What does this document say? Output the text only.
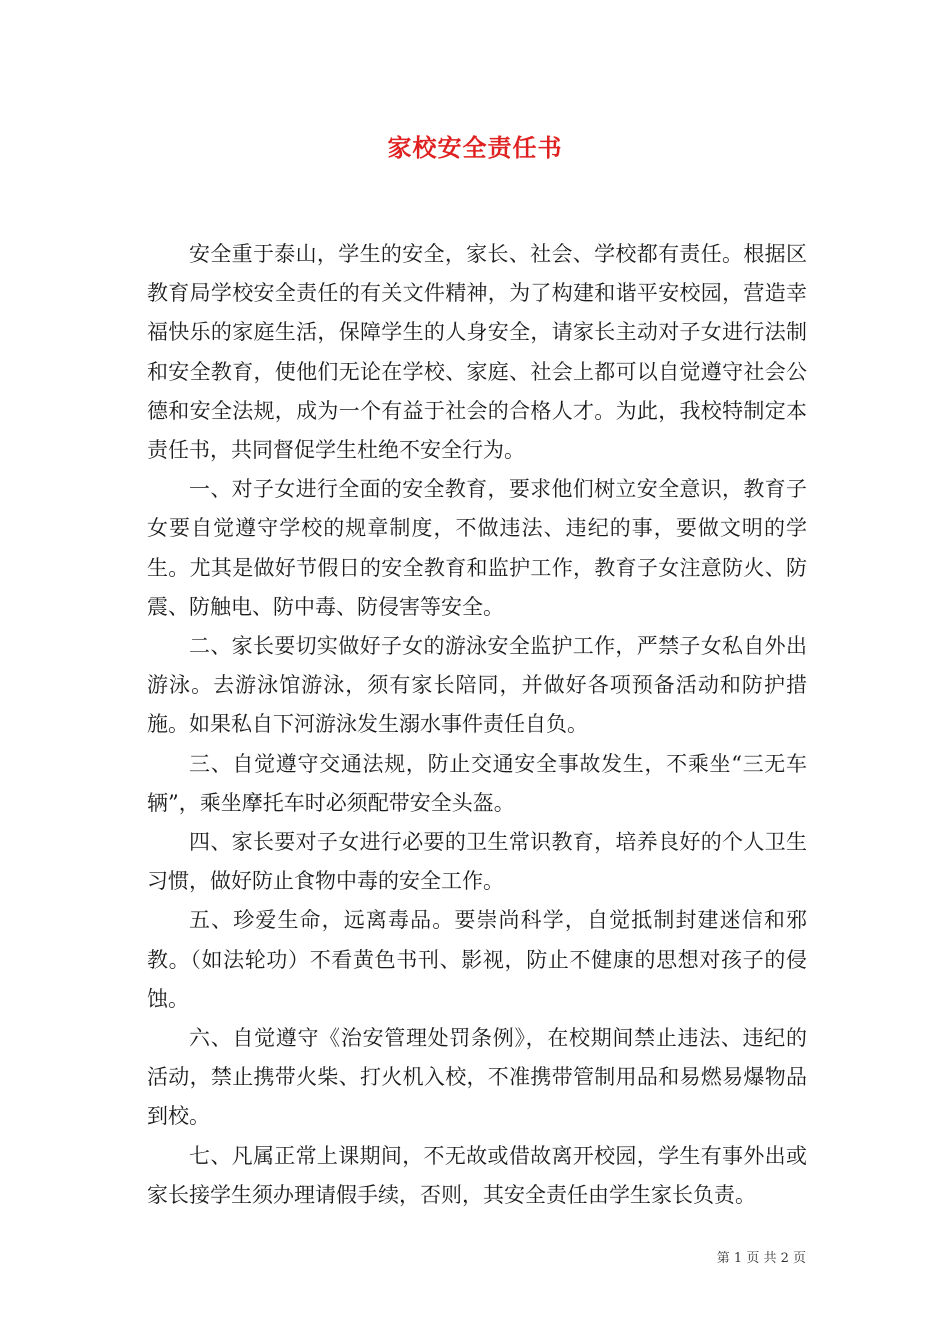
家校安全责任书

安全重于泰山，学生的安全，家长、社会、学校都有责任。根据区教育局学校安全责任的有关文件精神，为了构建和谐平安校园，营造幸福快乐的家庭生活，保障学生的人身安全，请家长主动对子女进行法制和安全教育，使他们无论在学校、家庭、社会上都可以自觉遵守社会公德和安全法规，成为一个有益于社会的合格人才。为此，我校特制定本责任书，共同督促学生杜绝不安全行为。

一、对子女进行全面的安全教育，要求他们树立安全意识，教育子女要自觉遵守学校的规章制度，不做违法、违纪的事，要做文明的学生。尤其是做好节假日的安全教育和监护工作，教育子女注意防火、防震、防触电、防中毒、防侵害等安全。

二、家长要切实做好子女的游泳安全监护工作，严禁子女私自外出游泳。去游泳馆游泳，须有家长陪同，并做好各项预备活动和防护措施。如果私自下河游泳发生溺水事件责任自负。

三、自觉遵守交通法规，防止交通安全事故发生，不乘坐“三无车辆”，乘坐摩托车时必须配带安全头盔。

四、家长要对子女进行必要的卫生常识教育，培养良好的个人卫生习惯，做好防止食物中毒的安全工作。

五、珍爱生命，远离毒品。要崇尚科学，自觉抵制封建迷信和邪教。（如法轮功）不看黄色书刊、影视，防止不健康的思想对孩子的侵蚀。

六、自觉遵守《治安管理处罚条例》，在校期间禁止违法、违纪的活动，禁止携带火柴、打火机入校，不准携带管制用品和易燃易爆物品到校。

七、凡属正常上课期间，不无故或借故离开校园，学生有事外出或家长接学生须办理请假手续，否则，其安全责任由学生家长负责。

第 1 页 共 2 页
